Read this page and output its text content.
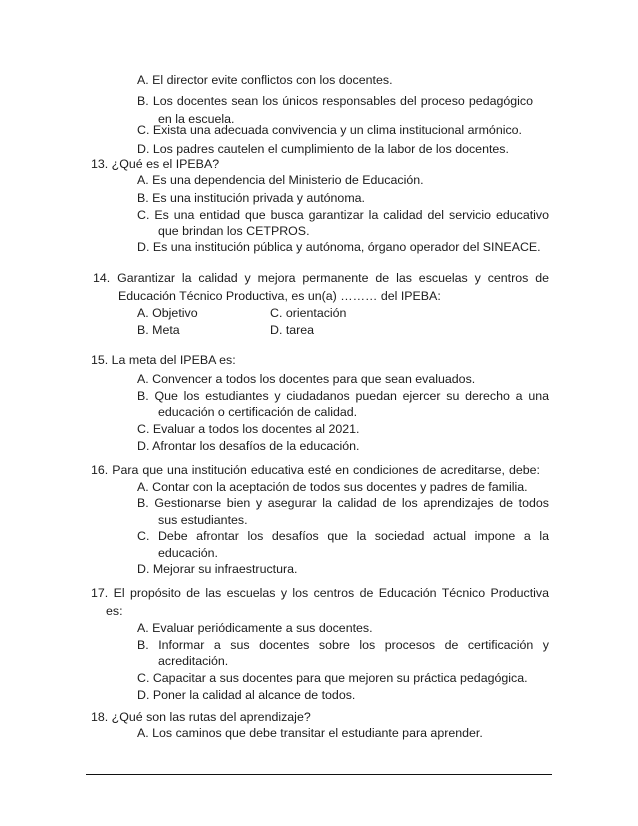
A. El director evite conflictos con los docentes.
B. Los docentes sean los únicos responsables del proceso pedagógico
en la escuela.
C. Exista una adecuada convivencia y un clima institucional armónico.
D. Los padres cautelen el cumplimiento de la labor de los docentes.
13. ¿Qué es el IPEBA?
A. Es una dependencia del Ministerio de Educación.
B. Es una institución privada y autónoma.
C. Es una entidad que busca garantizar la calidad del servicio educativo
que brindan los CETPROS.
D. Es una institución pública y autónoma, órgano operador del SINEACE.
14. Garantizar la calidad y mejora permanente de las escuelas y centros de
Educación Técnico Productiva, es un(a) ……… del IPEBA:
A. Objetivo	C. orientación
B. Meta	D. tarea
15. La meta del IPEBA es:
A. Convencer a todos los docentes para que sean evaluados.
B. Que los estudiantes y ciudadanos puedan ejercer su derecho a una
educación o certificación de calidad.
C. Evaluar a todos los docentes al 2021.
D. Afrontar los desafíos de la educación.
16. Para que una institución educativa esté en condiciones de acreditarse, debe:
A. Contar con la aceptación de todos sus docentes y padres de familia.
B. Gestionarse bien y asegurar la calidad de los aprendizajes de todos
sus estudiantes.
C. Debe afrontar los desafíos que la sociedad actual impone a la
educación.
D. Mejorar su infraestructura.
17. El propósito de las escuelas y los centros de Educación Técnico Productiva
es:
A. Evaluar periódicamente a sus docentes.
B. Informar a sus docentes sobre los procesos de certificación y
acreditación.
C. Capacitar a sus docentes para que mejoren su práctica pedagógica.
D. Poner la calidad al alcance de todos.
18. ¿Qué son las rutas del aprendizaje?
A. Los caminos que debe transitar el estudiante para aprender.
